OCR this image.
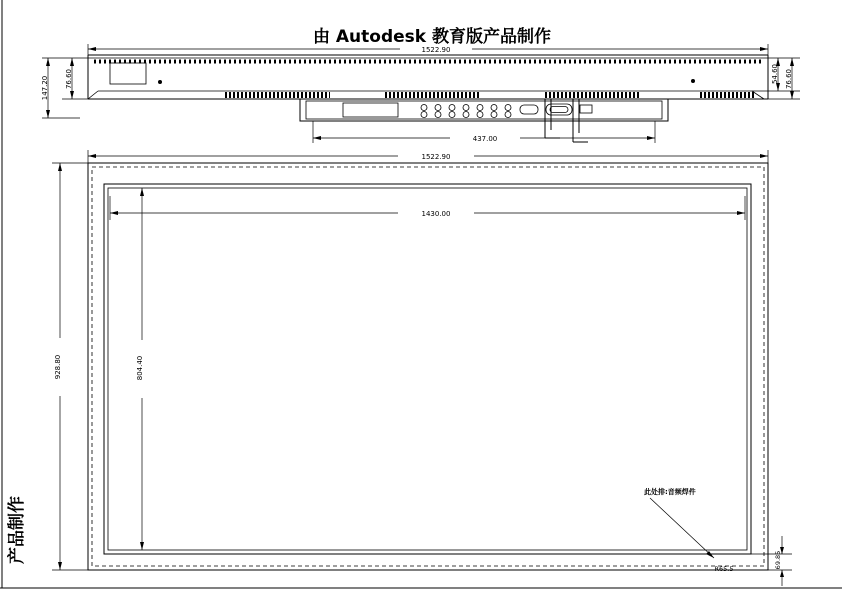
由 Autodesk 教育版产品制作
产品制作
1522.90
147.20 76.60	54.60 76.60
437.00
1522.90
1430.00
928.80	804.40
此处排:音频焊件
R65.5	69.85
